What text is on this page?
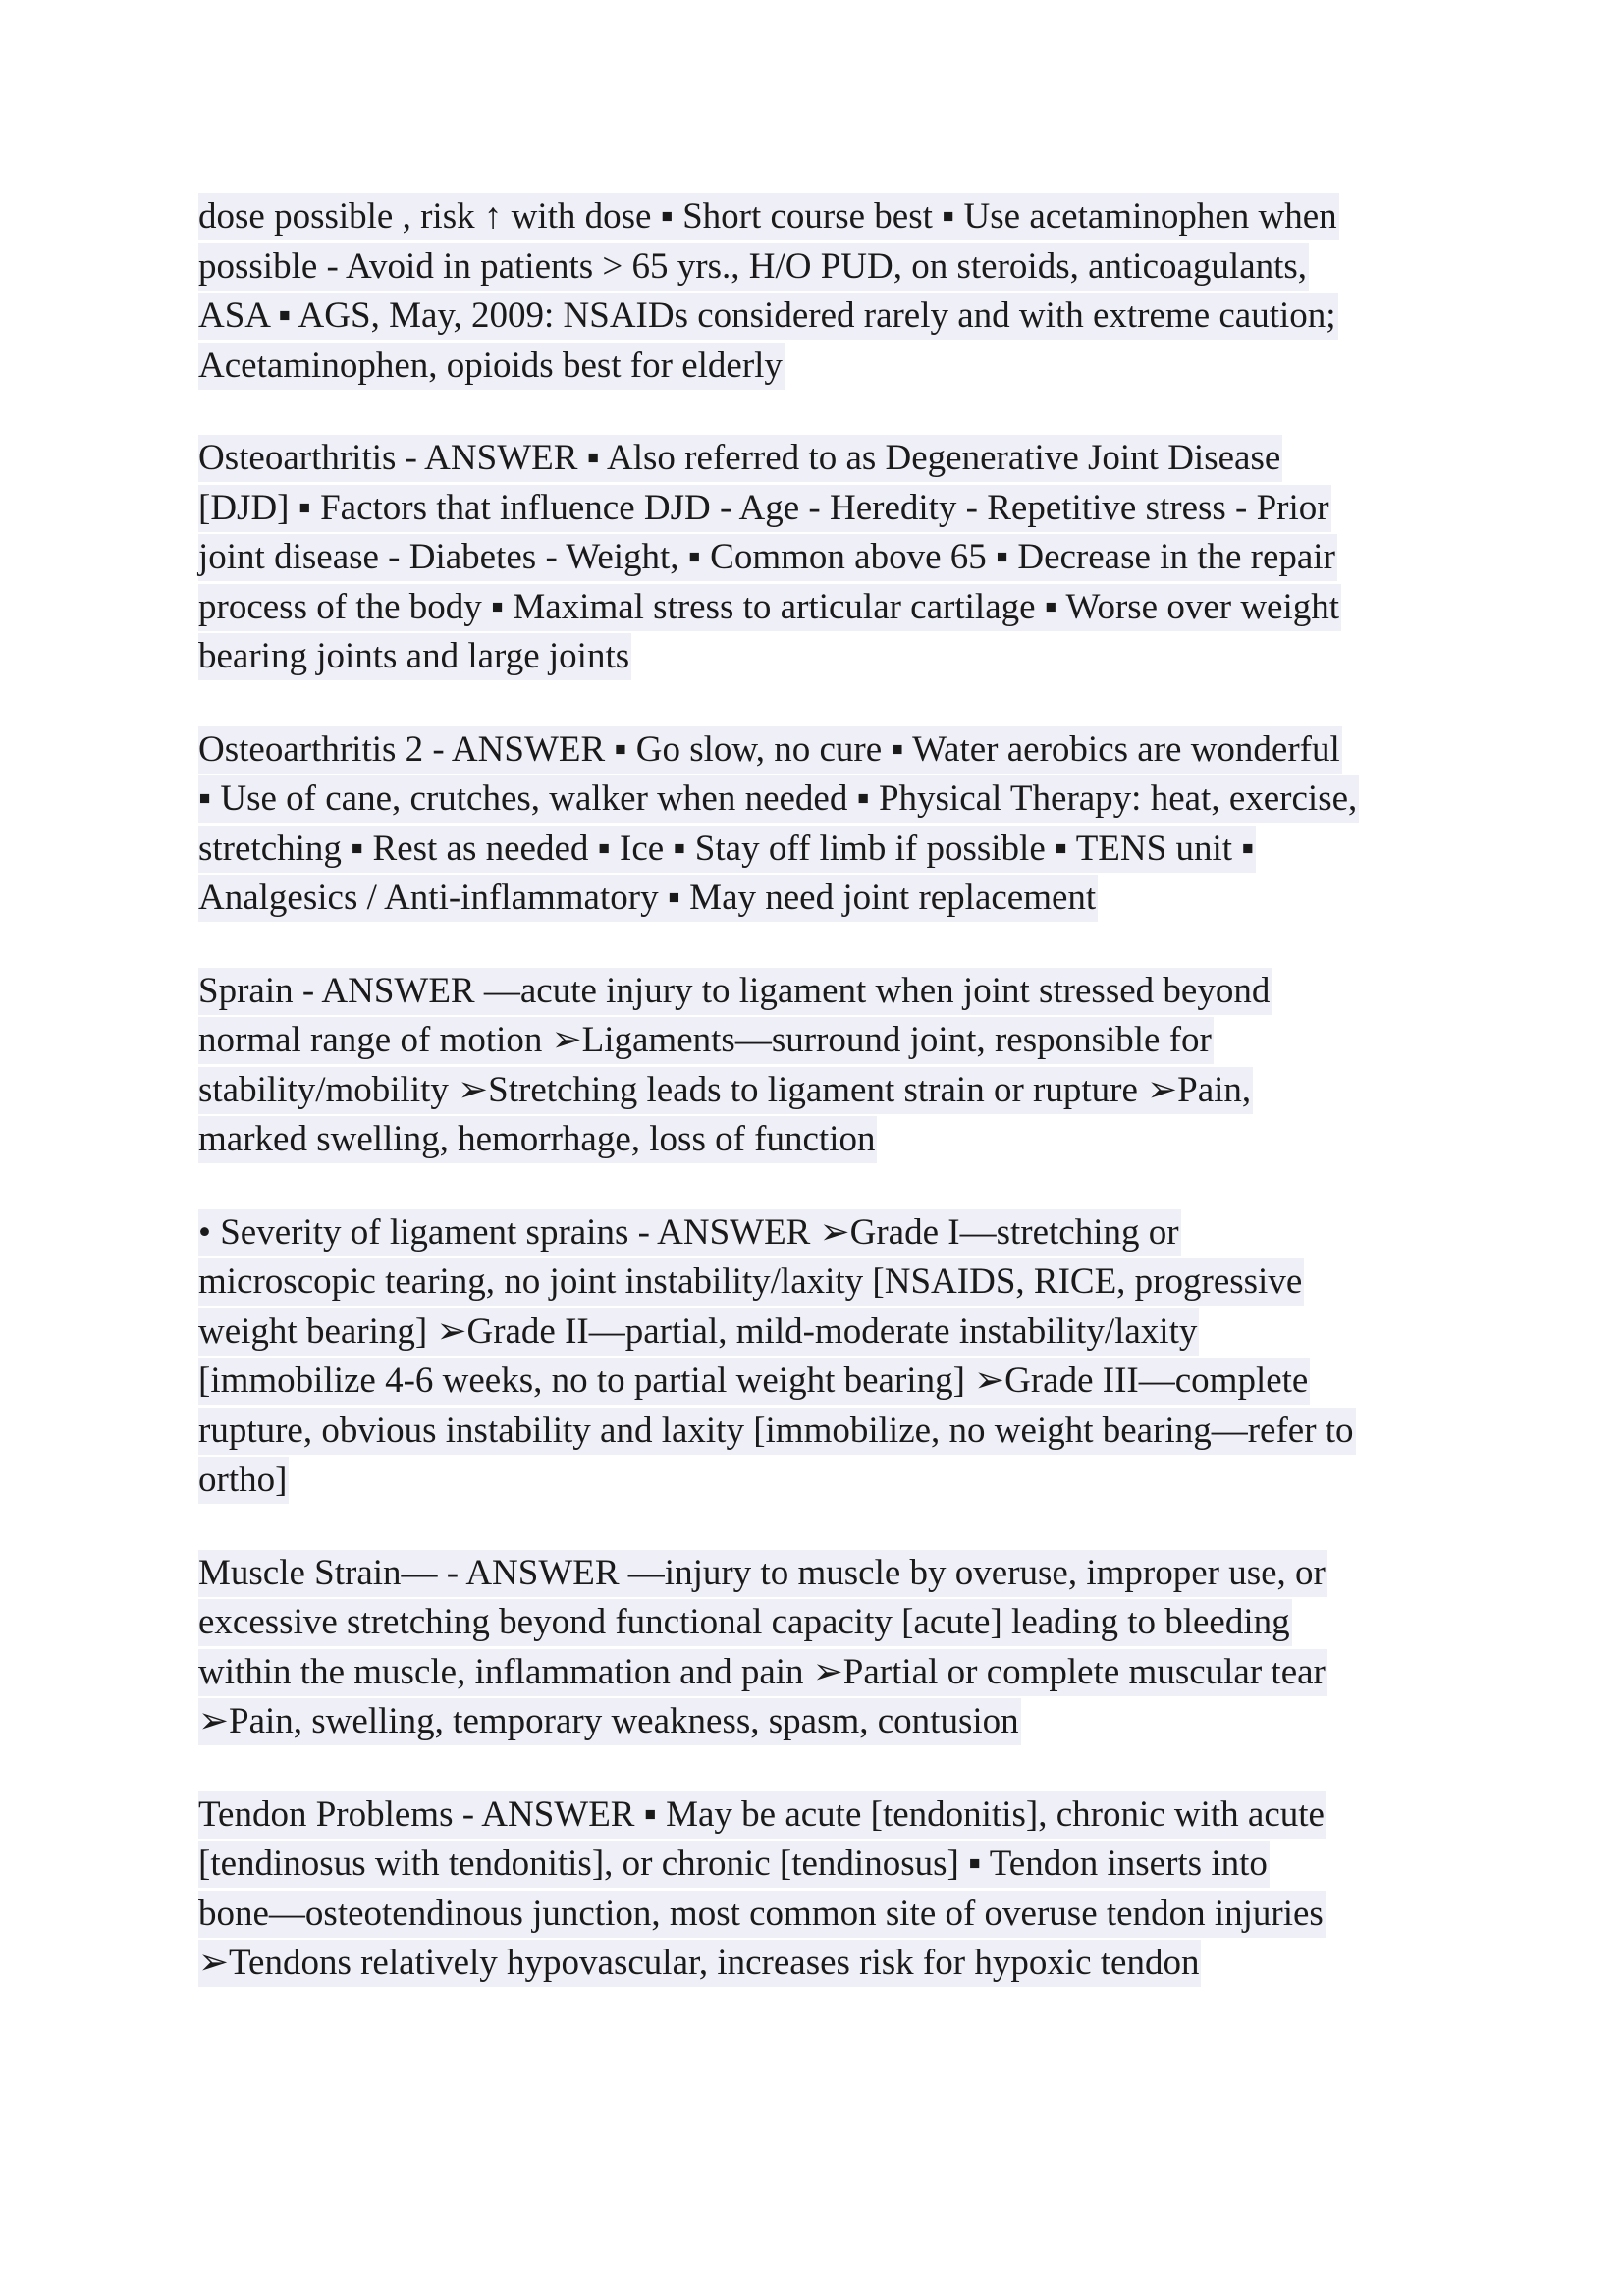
dose possible , risk ↑ with dose ▪ Short course best ▪ Use acetaminophen when
possible - Avoid in patients > 65 yrs., H/O PUD, on steroids, anticoagulants,
ASA ▪ AGS, May, 2009: NSAIDs considered rarely and with extreme caution;
Acetaminophen, opioids best for elderly
Osteoarthritis - ANSWER ▪ Also referred to as Degenerative Joint Disease
[DJD] ▪ Factors that influence DJD - Age - Heredity - Repetitive stress - Prior
joint disease - Diabetes - Weight, ▪ Common above 65 ▪ Decrease in the repair
process of the body ▪ Maximal stress to articular cartilage ▪ Worse over weight
bearing joints and large joints
Osteoarthritis 2 - ANSWER ▪ Go slow, no cure ▪ Water aerobics are wonderful
▪ Use of cane, crutches, walker when needed ▪ Physical Therapy: heat, exercise,
stretching ▪ Rest as needed ▪ Ice ▪ Stay off limb if possible ▪ TENS unit ▪
Analgesics / Anti-inflammatory ▪ May need joint replacement
Sprain - ANSWER —acute injury to ligament when joint stressed beyond
normal range of motion ➢Ligaments—surround joint, responsible for
stability/mobility ➢Stretching leads to ligament strain or rupture ➢Pain,
marked swelling, hemorrhage, loss of function
• Severity of ligament sprains - ANSWER ➢Grade I—stretching or
microscopic tearing, no joint instability/laxity [NSAIDS, RICE, progressive
weight bearing] ➢Grade II—partial, mild-moderate instability/laxity
[immobilize 4-6 weeks, no to partial weight bearing] ➢Grade III—complete
rupture, obvious instability and laxity [immobilize, no weight bearing—refer to
ortho]
Muscle Strain— - ANSWER —injury to muscle by overuse, improper use, or
excessive stretching beyond functional capacity [acute] leading to bleeding
within the muscle, inflammation and pain ➢Partial or complete muscular tear
➢Pain, swelling, temporary weakness, spasm, contusion
Tendon Problems - ANSWER ▪ May be acute [tendonitis], chronic with acute
[tendinosus with tendonitis], or chronic [tendinosus] ▪ Tendon inserts into
bone—osteotendinous junction, most common site of overuse tendon injuries
➢Tendons relatively hypovascular, increases risk for hypoxic tendon
